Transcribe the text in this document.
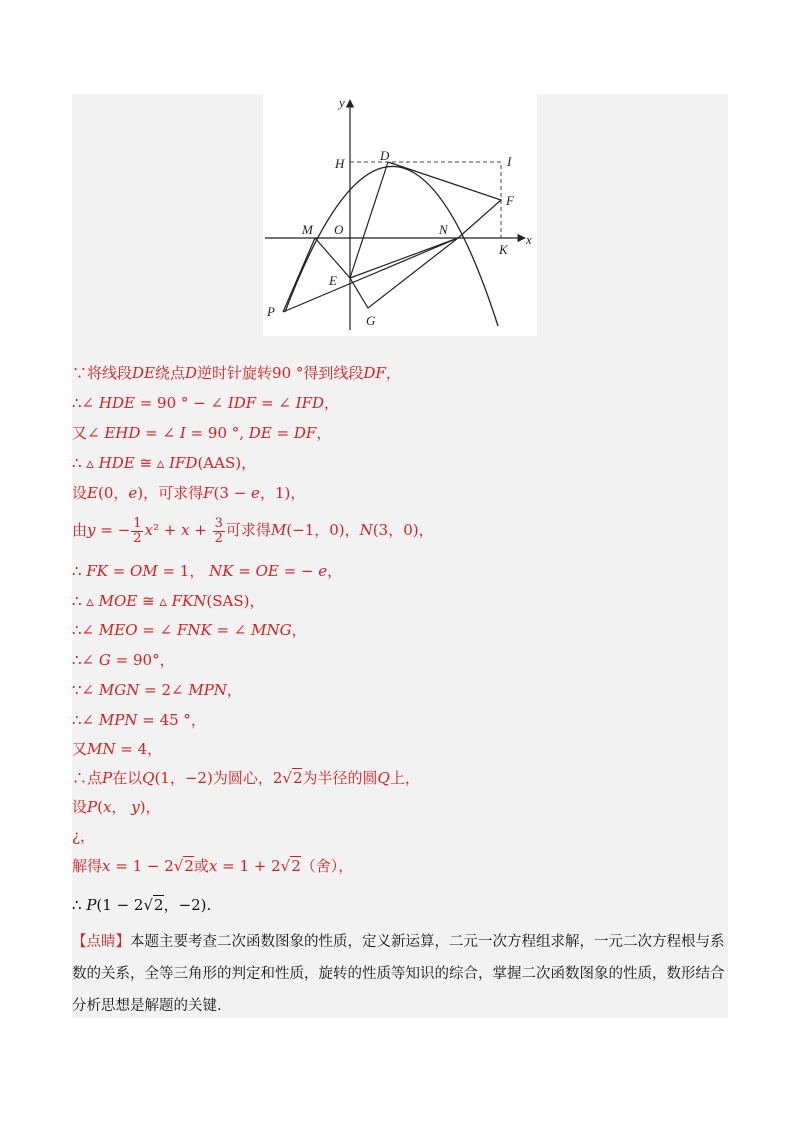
y
x
H
D	I
F
M O	N
K
E
P
G
∵将线段DE绕点D逆时针旋转90 °得到线段DF，
∴∠ HDE = 90 ° − ∠ IDF = ∠ IFD，
又∠ EHD = ∠ I = 90 °, DE = DF，
∴ ▵ HDE ≅ ▵ IFD(AAS)，
设E(0，e)，可求得F(3 − e，1)，
由y = − $\frac{1}{2} x^2 + x + \frac{3}{2}$ 可求得M(−1，0)，N(3，0)，
∴ FK = OM = 1， NK = OE = − e，
∴ ▵ MOE ≅ ▵ FKN(SAS)，
∴∠ MEO = ∠ FNK = ∠ MNG，
∴∠ G = 90°，
∵∠ MGN = 2∠ MPN，
∴∠ MPN = 45 °，
又MN = 4，
∴点P在以Q(1，−2)为圆心，2√2为半径的圆Q上，
设P(x， y)，
¿，
解得x = 1 − 2√2或x = 1 + 2√2（舍），
∴ P(1 − 2√2，−2).
【点睛】本题主要考查二次函数图象的性质，定义新运算，二元一次方程组求解，一元二次方程根与系数的关系，全等三角形的判定和性质，旋转的性质等知识的综合，掌握二次函数图象的性质，数形结合分析思想是解题的关键.
